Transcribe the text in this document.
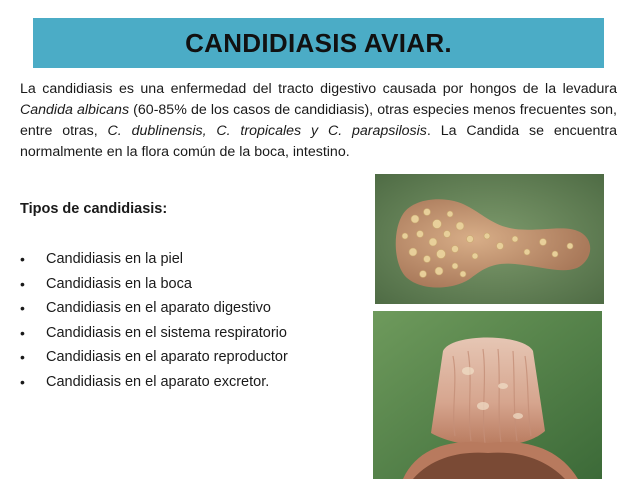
CANDIDIASIS AVIAR.

La candidiasis es una enfermedad del tracto digestivo causada por hongos de la levadura Candida albicans (60-85% de los casos de candidiasis), otras especies menos frecuentes son, entre otras, C. dublinensis, C. tropicales y C. parapsilosis. La Candida se encuentra normalmente en la flora común de la boca, intestino.

Tipos de candidiasis:
•	Candidiasis en la piel
•	Candidiasis en la boca
•	Candidiasis en el aparato digestivo
•	Candidiasis en el sistema respiratorio
•	Candidiasis en el aparato reproductor
•	Candidiasis en el aparato excretor.
